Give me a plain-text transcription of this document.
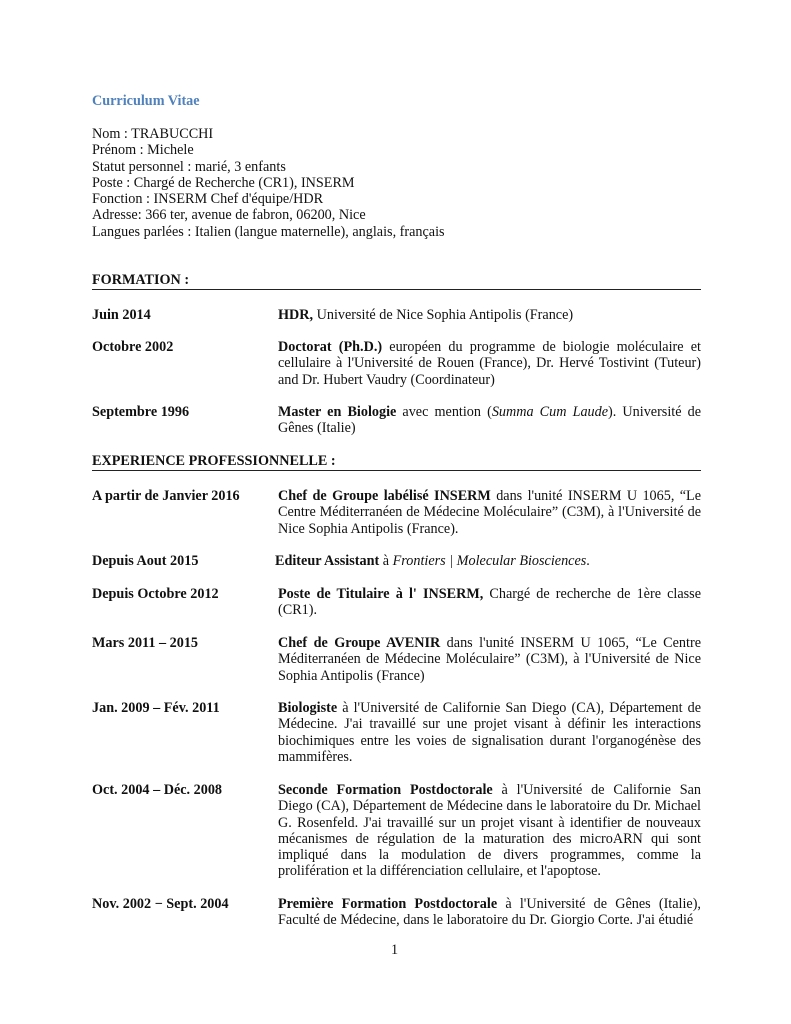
Curriculum Vitae
Nom : TRABUCCHI
Prénom : Michele
Statut personnel : marié, 3 enfants
Poste : Chargé de Recherche (CR1), INSERM
Fonction : INSERM Chef d'équipe/HDR
Adresse: 366 ter, avenue de fabron, 06200, Nice
Langues parlées : Italien (langue maternelle), anglais, français
FORMATION :
Juin 2014	HDR, Université de Nice Sophia Antipolis (France)
Octobre 2002	Doctorat (Ph.D.) européen du programme de biologie moléculaire et cellulaire à l'Université de Rouen (France), Dr. Hervé Tostivint (Tuteur) and Dr. Hubert Vaudry (Coordinateur)
Septembre 1996	Master en Biologie avec mention (Summa Cum Laude). Université de Gênes (Italie)
EXPERIENCE PROFESSIONNELLE :
A partir de Janvier 2016	Chef de Groupe labélisé INSERM dans l'unité INSERM U 1065, “Le Centre Méditerranéen de Médecine Moléculaire” (C3M), à l'Université de Nice Sophia Antipolis (France).
Depuis Aout 2015	Editeur Assistant à Frontiers | Molecular Biosciences.
Depuis Octobre 2012	Poste de Titulaire à l' INSERM, Chargé de recherche de 1ère classe (CR1).
Mars 2011 – 2015	Chef de Groupe AVENIR dans l'unité INSERM U 1065, “Le Centre Méditerranéen de Médecine Moléculaire” (C3M), à l'Université de Nice Sophia Antipolis (France)
Jan. 2009 – Fév. 2011	Biologiste à l'Université de Californie San Diego (CA), Département de Médecine. J'ai travaillé sur une projet visant à définir les interactions biochimiques entre les voies de signalisation durant l'organogénèse des mammifères.
Oct. 2004 – Déc. 2008	Seconde Formation Postdoctorale à l'Université de Californie San Diego (CA), Département de Médecine dans le laboratoire du Dr. Michael G. Rosenfeld. J'ai travaillé sur un projet visant à identifier de nouveaux mécanismes de régulation de la maturation des microARN qui sont impliqué dans la modulation de divers programmes, comme la prolifération et la différenciation cellulaire, et l'apoptose.
Nov. 2002 − Sept. 2004	Première Formation Postdoctorale à l'Université de Gênes (Italie), Faculté de Médecine, dans le laboratoire du Dr. Giorgio Corte. J'ai étudié
1
